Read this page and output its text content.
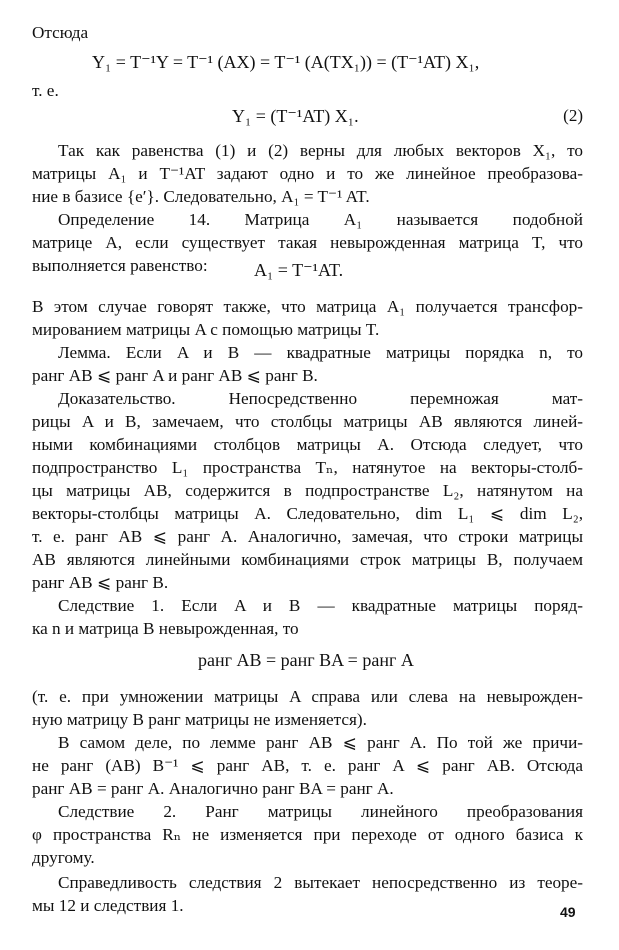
Отсюда
Y₁ = T⁻¹Y = T⁻¹ (AX) = T⁻¹ (A(TX₁)) = (T⁻¹AT) X₁,
т. е.
Y₁ = (T⁻¹AT) X₁.	(2)
Так как равенства (1) и (2) верны для любых векторов X₁, то
матрицы A₁ и T⁻¹AT задают одно и то же линейное преобразова-
ние в базисе {e′}. Следовательно, A₁ = T⁻¹ AT.
Определение 14. Матрица A₁ называется подобной
матрице A, если существует такая невырожденная матрица T, что
выполняется равенство:	A₁ = T⁻¹AT.
В этом случае говорят также, что матрица A₁ получается трансфор-
мированием матрицы A с помощью матрицы T.
Лемма. Если A и B — квадратные матрицы порядка n, то
ранг AB ⩽ ранг A и ранг AB ⩽ ранг B.
Доказательство. Непосредственно перемножая мат-
рицы A и B, замечаем, что столбцы матрицы AB являются линей-
ными комбинациями столбцов матрицы A. Отсюда следует, что
подпространство L₁ пространства Tₙ, натянутое на векторы-столб-
цы матрицы AB, содержится в подпространстве L₂, натянутом на
векторы-столбцы матрицы A. Следовательно, dim L₁ ⩽ dim L₂,
т. е. ранг AB ⩽ ранг A. Аналогично, замечая, что строки матрицы
AB являются линейными комбинациями строк матрицы B, получаем
ранг AB ⩽ ранг B.
Следствие 1. Если A и B — квадратные матрицы поряд-
ка n и матрица B невырожденная, то
ранг AB = ранг BA = ранг A
(т. е. при умножении матрицы A справа или слева на невырожден-
ную матрицу B ранг матрицы не изменяется).
В самом деле, по лемме ранг AB ⩽ ранг A. По той же причи-
не ранг (AB) B⁻¹ ⩽ ранг AB, т. е. ранг A ⩽ ранг AB. Отсюда
ранг AB = ранг A. Аналогично ранг BA = ранг A.
Следствие 2. Ранг матрицы линейного преобразования
φ пространства Rₙ не изменяется при переходе от одного базиса к
другому.
Справедливость следствия 2 вытекает непосредственно из теоре-
мы 12 и следствия 1.	49
